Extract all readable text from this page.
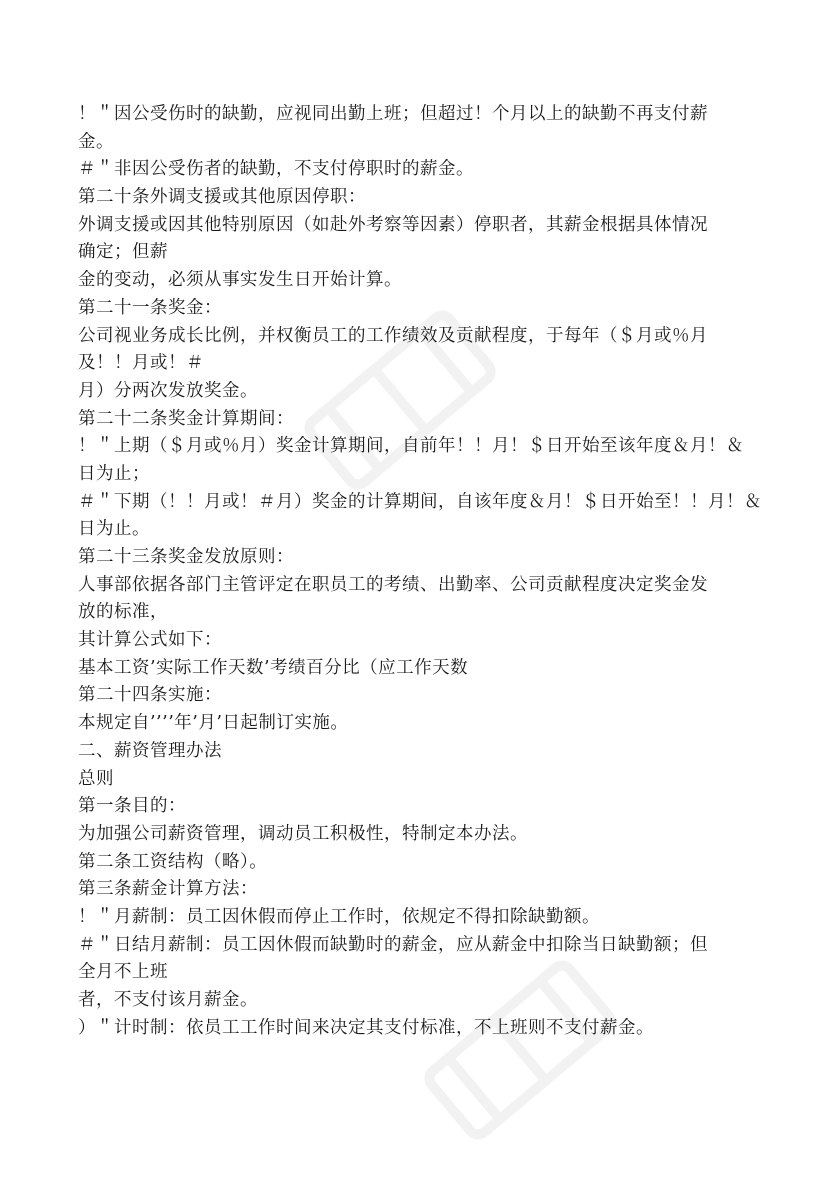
！＂因公受伤时的缺勤，应视同出勤上班；但超过！个月以上的缺勤不再支付薪
金。
＃＂非因公受伤者的缺勤，不支付停职时的薪金。
第二十条外调支援或其他原因停职：
外调支援或因其他特别原因（如赴外考察等因素）停职者，其薪金根据具体情况
确定；但薪
金的变动，必须从事实发生日开始计算。
第二十一条奖金：
公司视业务成长比例，并权衡员工的工作绩效及贡献程度，于每年（＄月或％月
及！！月或！＃
月）分两次发放奖金。
第二十二条奖金计算期间：
！＂上期（＄月或％月）奖金计算期间，自前年！！月！＄日开始至该年度＆月！＆
日为止；
＃＂下期（！！月或！＃月）奖金的计算期间，自该年度＆月！＄日开始至！！月！＆
日为止。
第二十三条奖金发放原则：
人事部依据各部门主管评定在职员工的考绩、出勤率、公司贡献程度决定奖金发
放的标准，
其计算公式如下：
基本工资’实际工作天数’考绩百分比（应工作天数
第二十四条实施：
本规定自’’’’年’月’日起制订实施。
二、薪资管理办法
总则
第一条目的：
为加强公司薪资管理，调动员工积极性，特制定本办法。
第二条工资结构（略）。
第三条薪金计算方法：
！＂月薪制：员工因休假而停止工作时，依规定不得扣除缺勤额。
＃＂日结月薪制：员工因休假而缺勤时的薪金，应从薪金中扣除当日缺勤额；但
全月不上班
者，不支付该月薪金。
）＂计时制：依员工工作时间来决定其支付标准，不上班则不支付薪金。
